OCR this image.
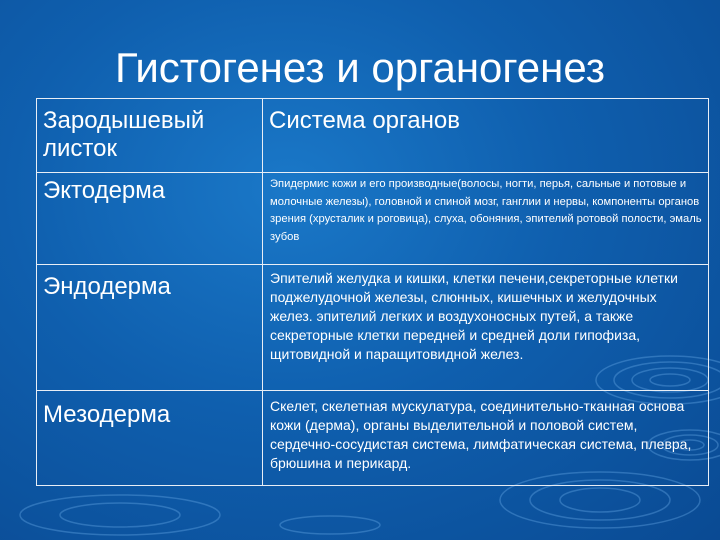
Гистогенез и органогенез
Зародышевый листок	Система органов
Эктодерма	Эпидермис кожи и его производные(волосы, ногти, перья, сальные и потовые и молочные железы), головной и спиной мозг, ганглии и нервы, компоненты органов зрения (хрусталик и роговица), слуха, обоняния, эпителий ротовой полости, эмаль зубов
Эндодерма	Эпителий желудка и кишки, клетки печени,секреторные клетки поджелудочной железы, слюнных, кишечных и желудочных желез. эпителий легких и воздухоносных путей, а также секреторные клетки передней и средней доли гипофиза, щитовидной и паращитовидной желез.
Мезодерма	Скелет, скелетная мускулатура, соединительно-тканная основа кожи (дерма), органы выделительной и половой систем, сердечно-сосудистая система, лимфатическая система, плевра, брюшина и перикард.
